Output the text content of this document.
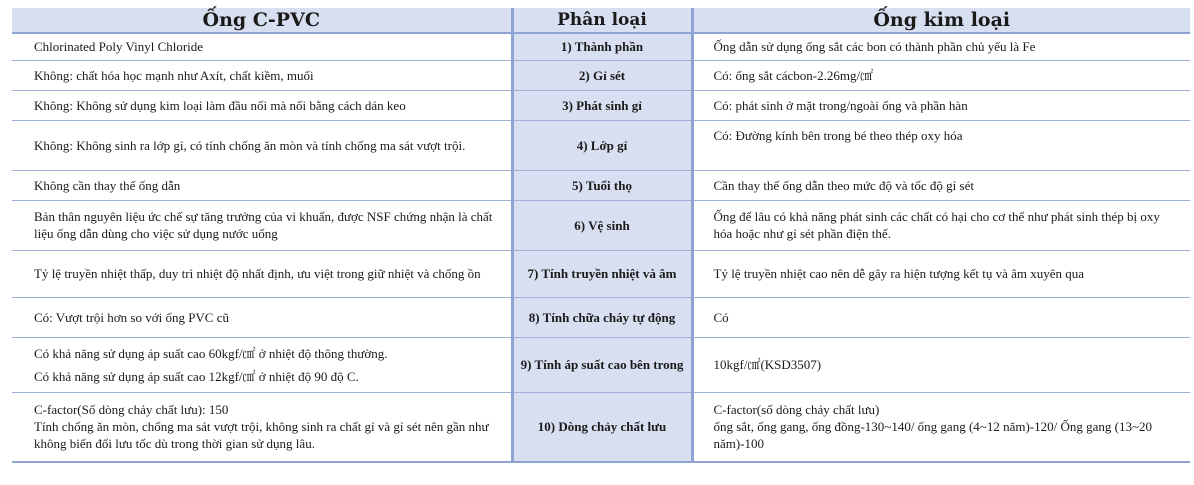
Ống C-PVC	Phân loại	Ống kim loại

Chlorinated Poly Vinyl Chloride	1) Thành phần	Ống dẫn sử dụng ống sắt các bon có thành phần chủ yếu là Fe

Không: chất hóa học mạnh như Axít, chất kiềm, muối	2) Gỉ sét	Có: ống sắt cácbon-2.26mg/㎠

Không: Không sử dụng kim loại làm đầu nối mà nối bằng cách dán keo	3) Phát sinh gỉ	Có: phát sinh ở mặt trong/ngoài ống và phần hàn

Không: Không sinh ra lớp gỉ, có tính chống ăn mòn và tính chống ma sát vượt trội.	4) Lớp gỉ	Có: Đường kính bên trong bé theo thép oxy hóa

Không cần thay thế ống dẫn	5) Tuổi thọ	Cần thay thế ống dẫn theo mức độ và tốc độ gỉ sét

Bản thân nguyên liệu ức chế sự tăng trưởng của vi khuẩn, được NSF chứng nhận là chất liệu ống dẫn dùng cho việc sử dụng nước uống	6) Vệ sinh	Ống để lâu có khả năng phát sinh các chất có hại cho cơ thể như phát sinh thép bị oxy hóa hoặc như gỉ sét phần điện thế.

Tỷ lệ truyền nhiệt thấp, duy trì nhiệt độ nhất định, ưu việt trong giữ nhiệt và chống ồn	7) Tính truyền nhiệt và âm	Tỷ lệ truyền nhiệt cao nên dễ gây ra hiện tượng kết tụ và âm xuyên qua

Có: Vượt trội hơn so với ống PVC cũ	8) Tính chữa cháy tự động	Có

Có khả năng sử dụng áp suất cao 60kgf/㎠ ở nhiệt độ thông thường.
Có khả năng sử dụng áp suất cao 12kgf/㎠ ở nhiệt độ 90 độ C.	9) Tính áp suất cao bên trong	10kgf/㎠(KSD3507)

C-factor(Số dòng chảy chất lưu): 150
Tính chống ăn mòn, chống ma sát vượt trội, không sinh ra chất gỉ và gỉ sét nên gần như không biến đổi lưu tốc dù trong thời gian sử dụng lâu.	10) Dòng chảy chất lưu	C-factor(số dòng chảy chất lưu)
ống sắt, ống gang, ống đồng-130~140/ ống gang (4~12 năm)-120/ Ống gang (13~20 năm)-100
